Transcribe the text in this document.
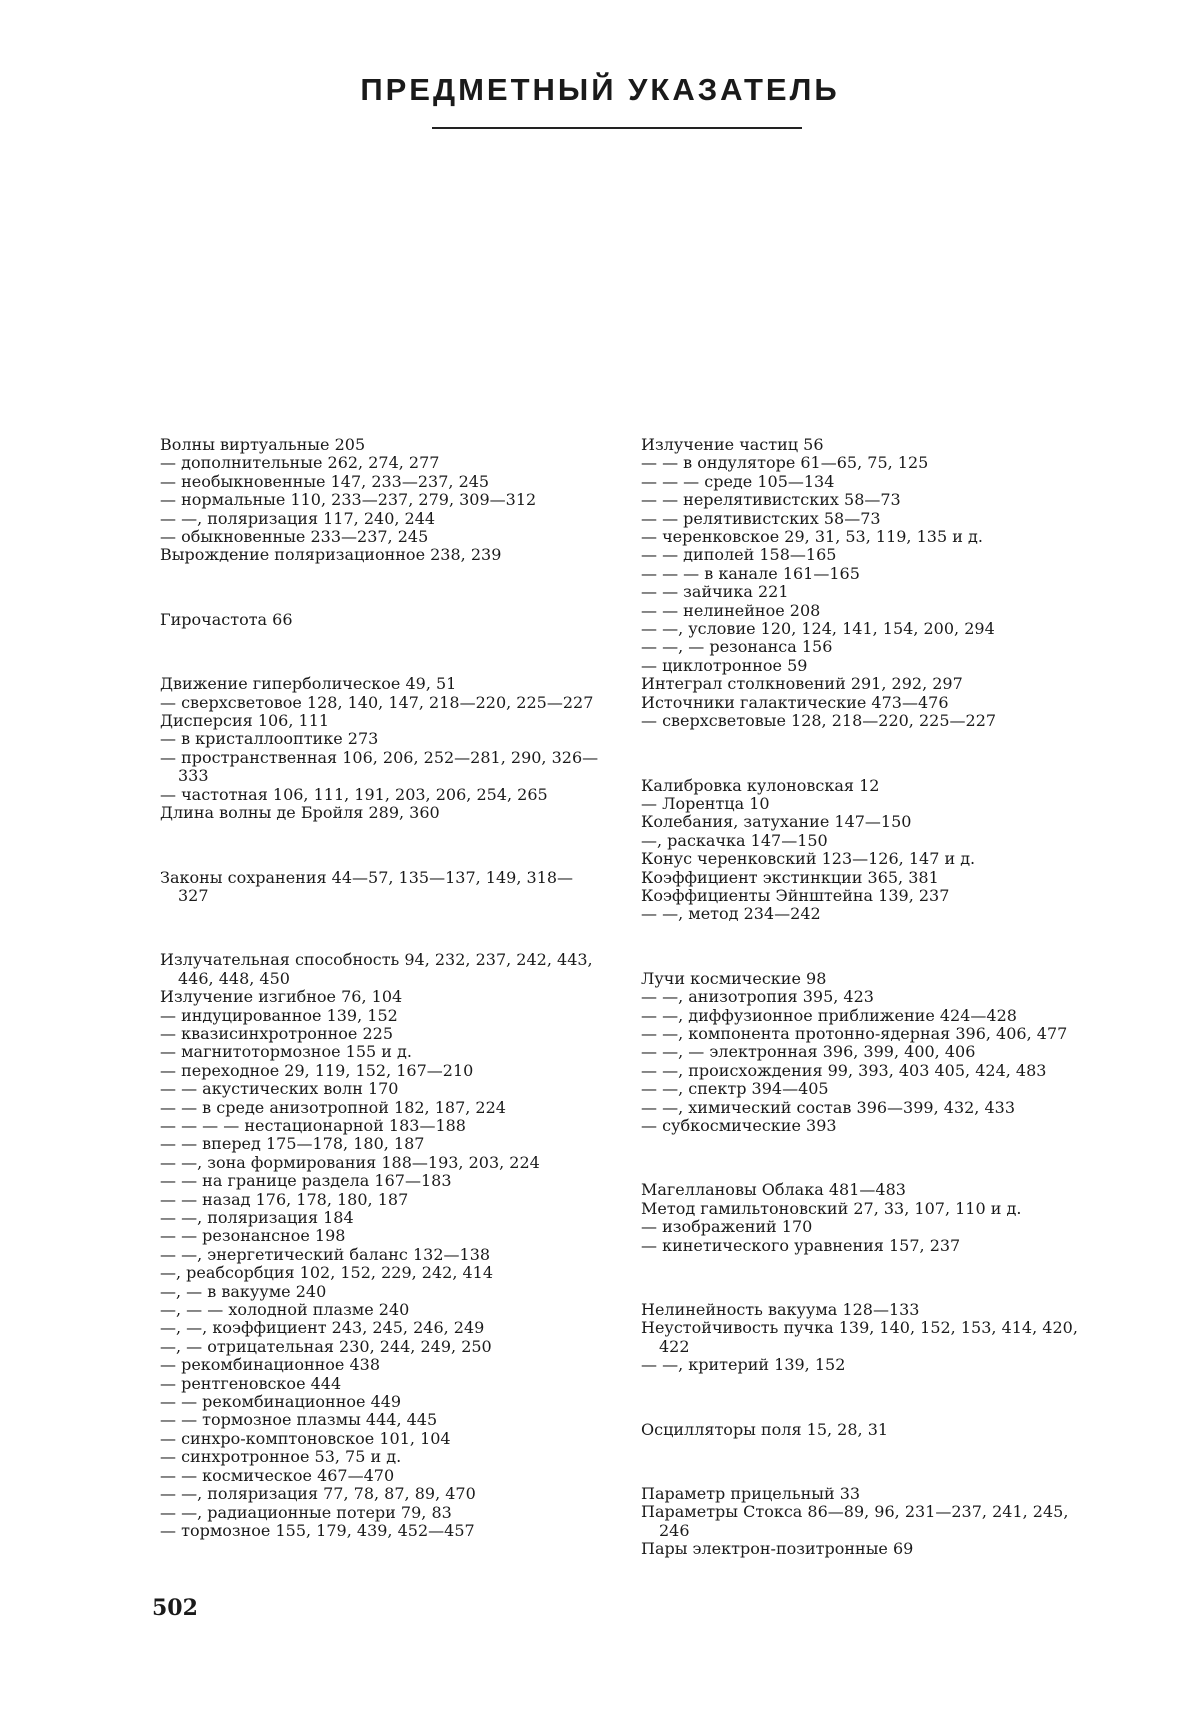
ПРЕДМЕТНЫЙ УКАЗАТЕЛЬ

Волны виртуальные 205

— дополнительные 262, 274, 277

— необыкновенные 147, 233—237, 245

— нормальные 110, 233—237, 279, 309—312

— —, поляризация 117, 240, 244

— обыкновенные 233—237, 245

Вырождение поляризационное 238, 239

Гирочастота 66

Движение гиперболическое 49, 51

— сверхсветовое 128, 140, 147, 218—220, 225—227

Дисперсия 106, 111

— в кристаллооптике 273

— пространственная 106, 206, 252—281, 290, 326—333

— частотная 106, 111, 191, 203, 206, 254, 265

Длина волны де Бройля 289, 360

Законы сохранения 44—57, 135—137, 149, 318—327

Излучательная способность 94, 232, 237, 242, 443, 446, 448, 450

Излучение изгибное 76, 104

— индуцированное 139, 152

— квазисинхротронное 225

— магнитотормозное 155 и д.

— переходное 29, 119, 152, 167—210

— — акустических волн 170

— — в среде анизотропной 182, 187, 224

— — — — нестационарной 183—188

— — вперед 175—178, 180, 187

— —, зона формирования 188—193, 203, 224

— — на границе раздела 167—183

— — назад 176, 178, 180, 187

— —, поляризация 184

— — резонансное 198

— —, энергетический баланс 132—138

—, реабсорбция 102, 152, 229, 242, 414

—, — в вакууме 240

—, — — холодной плазме 240

—, —, коэффициент 243, 245, 246, 249

—, — отрицательная 230, 244, 249, 250

— рекомбинационное 438

— рентгеновское 444

— — рекомбинационное 449

— — тормозное плазмы 444, 445

— синхро-комптоновское 101, 104

— синхротронное 53, 75 и д.

— — космическое 467—470

— —, поляризация 77, 78, 87, 89, 470

— —, радиационные потери 79, 83

— тормозное 155, 179, 439, 452—457

Излучение частиц 56

— — в ондуляторе 61—65, 75, 125

— — — среде 105—134

— — нерелятивистских 58—73

— — релятивистских 58—73

— черенковское 29, 31, 53, 119, 135 и д.

— — диполей 158—165

— — — в канале 161—165

— — зайчика 221

— — нелинейное 208

— —, условие 120, 124, 141, 154, 200, 294

— —, — резонанса 156

— циклотронное 59

Интеграл столкновений 291, 292, 297

Источники галактические 473—476

— сверхсветовые 128, 218—220, 225—227

Калибровка кулоновская 12

— Лорентца 10

Колебания, затухание 147—150

—, раскачка 147—150

Конус черенковский 123—126, 147 и д.

Коэффициент экстинкции 365, 381

Коэффициенты Эйнштейна 139, 237

— —, метод 234—242

Лучи космические 98

— —, анизотропия 395, 423

— —, диффузионное приближение 424—428

— —, компонента протонно-ядерная 396, 406, 477

— —, — электронная 396, 399, 400, 406

— —, происхождения 99, 393, 403 405, 424, 483

— —, спектр 394—405

— —, химический состав 396—399, 432, 433

— субкосмические 393

Магеллановы Облака 481—483

Метод гамильтоновский 27, 33, 107, 110 и д.

— изображений 170

— кинетического уравнения 157, 237

Нелинейность вакуума 128—133

Неустойчивость пучка 139, 140, 152, 153, 414, 420, 422

— —, критерий 139, 152

Осцилляторы поля 15, 28, 31

Параметр прицельный 33

Параметры Стокса 86—89, 96, 231—237, 241, 245, 246

Пары электрон-позитронные 69

502
